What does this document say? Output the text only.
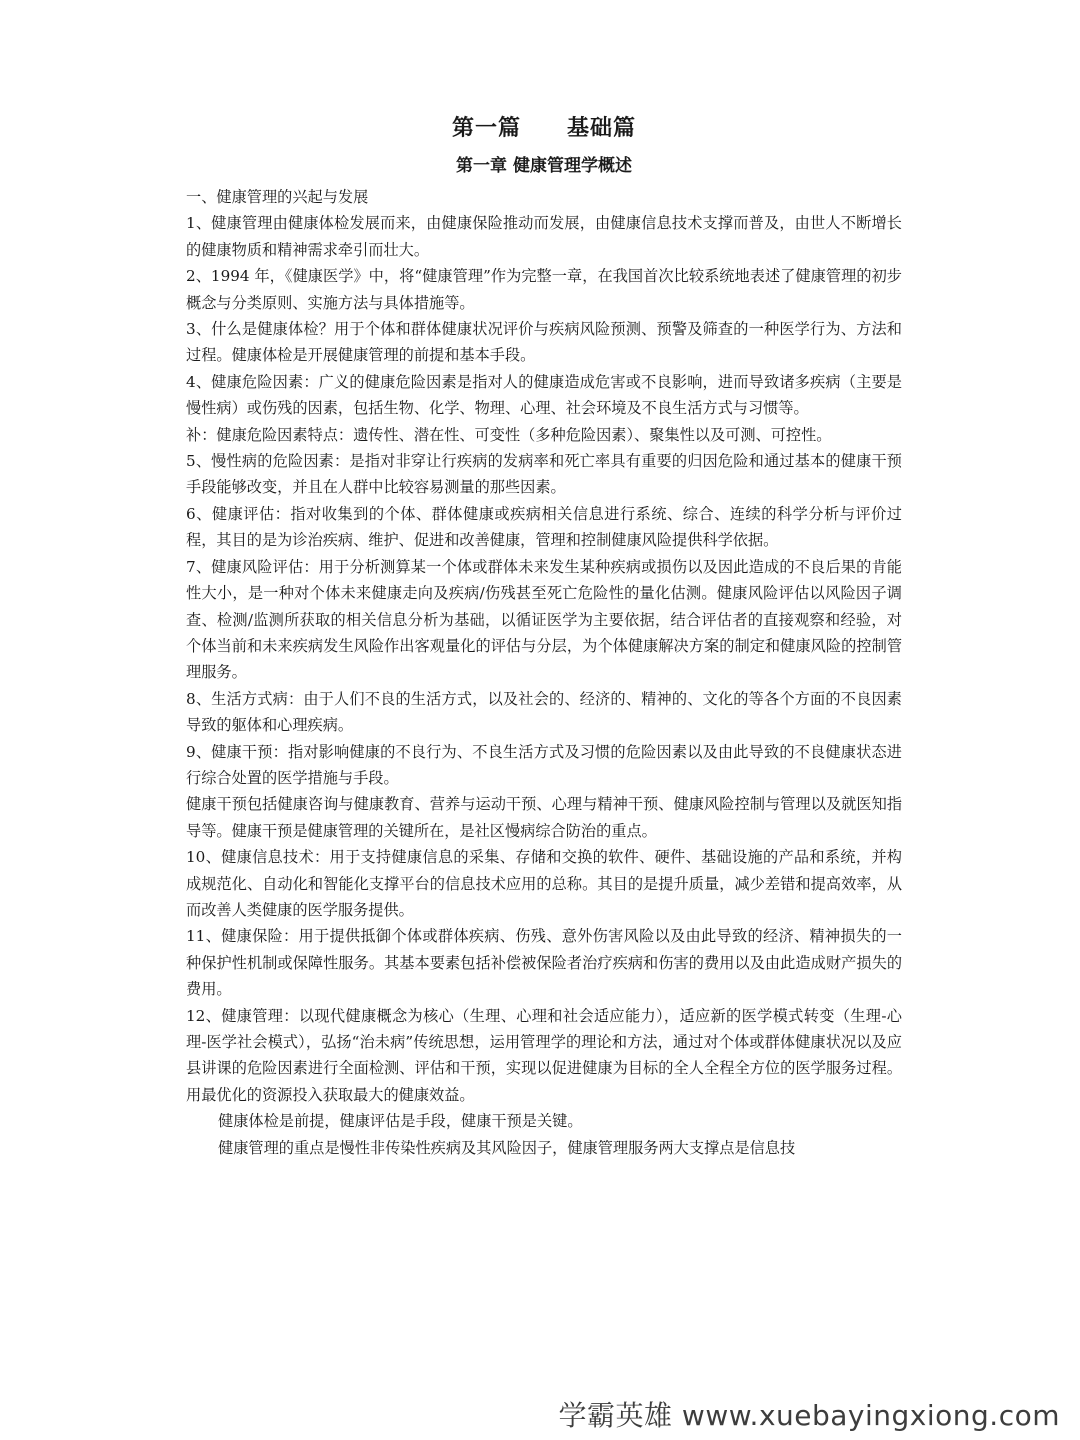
第一篇　　基础篇
第一章 健康管理学概述

一、健康管理的兴起与发展

1、健康管理由健康体检发展而来，由健康保险推动而发展，由健康信息技术支撑而普及，由世人不断增长的健康物质和精神需求牵引而壮大。

2、1994 年，《健康医学》中，将“健康管理”作为完整一章，在我国首次比较系统地表述了健康管理的初步概念与分类原则、实施方法与具体措施等。

3、什么是健康体检？用于个体和群体健康状况评价与疾病风险预测、预警及筛查的一种医学行为、方法和过程。健康体检是开展健康管理的前提和基本手段。

4、健康危险因素：广义的健康危险因素是指对人的健康造成危害或不良影响，进而导致诸多疾病（主要是慢性病）或伤残的因素，包括生物、化学、物理、心理、社会环境及不良生活方式与习惯等。

补：健康危险因素特点：遗传性、潜在性、可变性（多种危险因素）、聚集性以及可测、可控性。

5、慢性病的危险因素：是指对非穿让行疾病的发病率和死亡率具有重要的归因危险和通过基本的健康干预手段能够改变，并且在人群中比较容易测量的那些因素。

6、健康评估：指对收集到的个体、群体健康或疾病相关信息进行系统、综合、连续的科学分析与评价过程，其目的是为诊治疾病、维护、促进和改善健康，管理和控制健康风险提供科学依据。

7、健康风险评估：用于分析测算某一个体或群体未来发生某种疾病或损伤以及因此造成的不良后果的肯能性大小，是一种对个体未来健康走向及疾病/伤残甚至死亡危险性的量化估测。健康风险评估以风险因子调查、检测/监测所获取的相关信息分析为基础，以循证医学为主要依据，结合评估者的直接观察和经验，对个体当前和未来疾病发生风险作出客观量化的评估与分层，为个体健康解决方案的制定和健康风险的控制管理服务。

8、生活方式病：由于人们不良的生活方式，以及社会的、经济的、精神的、文化的等各个方面的不良因素导致的躯体和心理疾病。

9、健康干预：指对影响健康的不良行为、不良生活方式及习惯的危险因素以及由此导致的不良健康状态进行综合处置的医学措施与手段。

健康干预包括健康咨询与健康教育、营养与运动干预、心理与精神干预、健康风险控制与管理以及就医知指导等。健康干预是健康管理的关键所在，是社区慢病综合防治的重点。

10、健康信息技术：用于支持健康信息的采集、存储和交换的软件、硬件、基础设施的产品和系统，并构成规范化、自动化和智能化支撑平台的信息技术应用的总称。其目的是提升质量，减少差错和提高效率，从而改善人类健康的医学服务提供。

11、健康保险：用于提供抵御个体或群体疾病、伤残、意外伤害风险以及由此导致的经济、精神损失的一种保护性机制或保障性服务。其基本要素包括补偿被保险者治疗疾病和伤害的费用以及由此造成财产损失的费用。

12、健康管理：以现代健康概念为核心（生理、心理和社会适应能力），适应新的医学模式转变（生理-心理-医学社会模式），弘扬“治未病”传统思想，运用管理学的理论和方法，通过对个体或群体健康状况以及应县讲课的危险因素进行全面检测、评估和干预，实现以促进健康为目标的全人全程全方位的医学服务过程。用最优化的资源投入获取最大的健康效益。

健康体检是前提，健康评估是手段，健康干预是关键。

健康管理的重点是慢性非传染性疾病及其风险因子，健康管理服务两大支撑点是信息技

学霸英雄 www.xuebayingxiong.com
